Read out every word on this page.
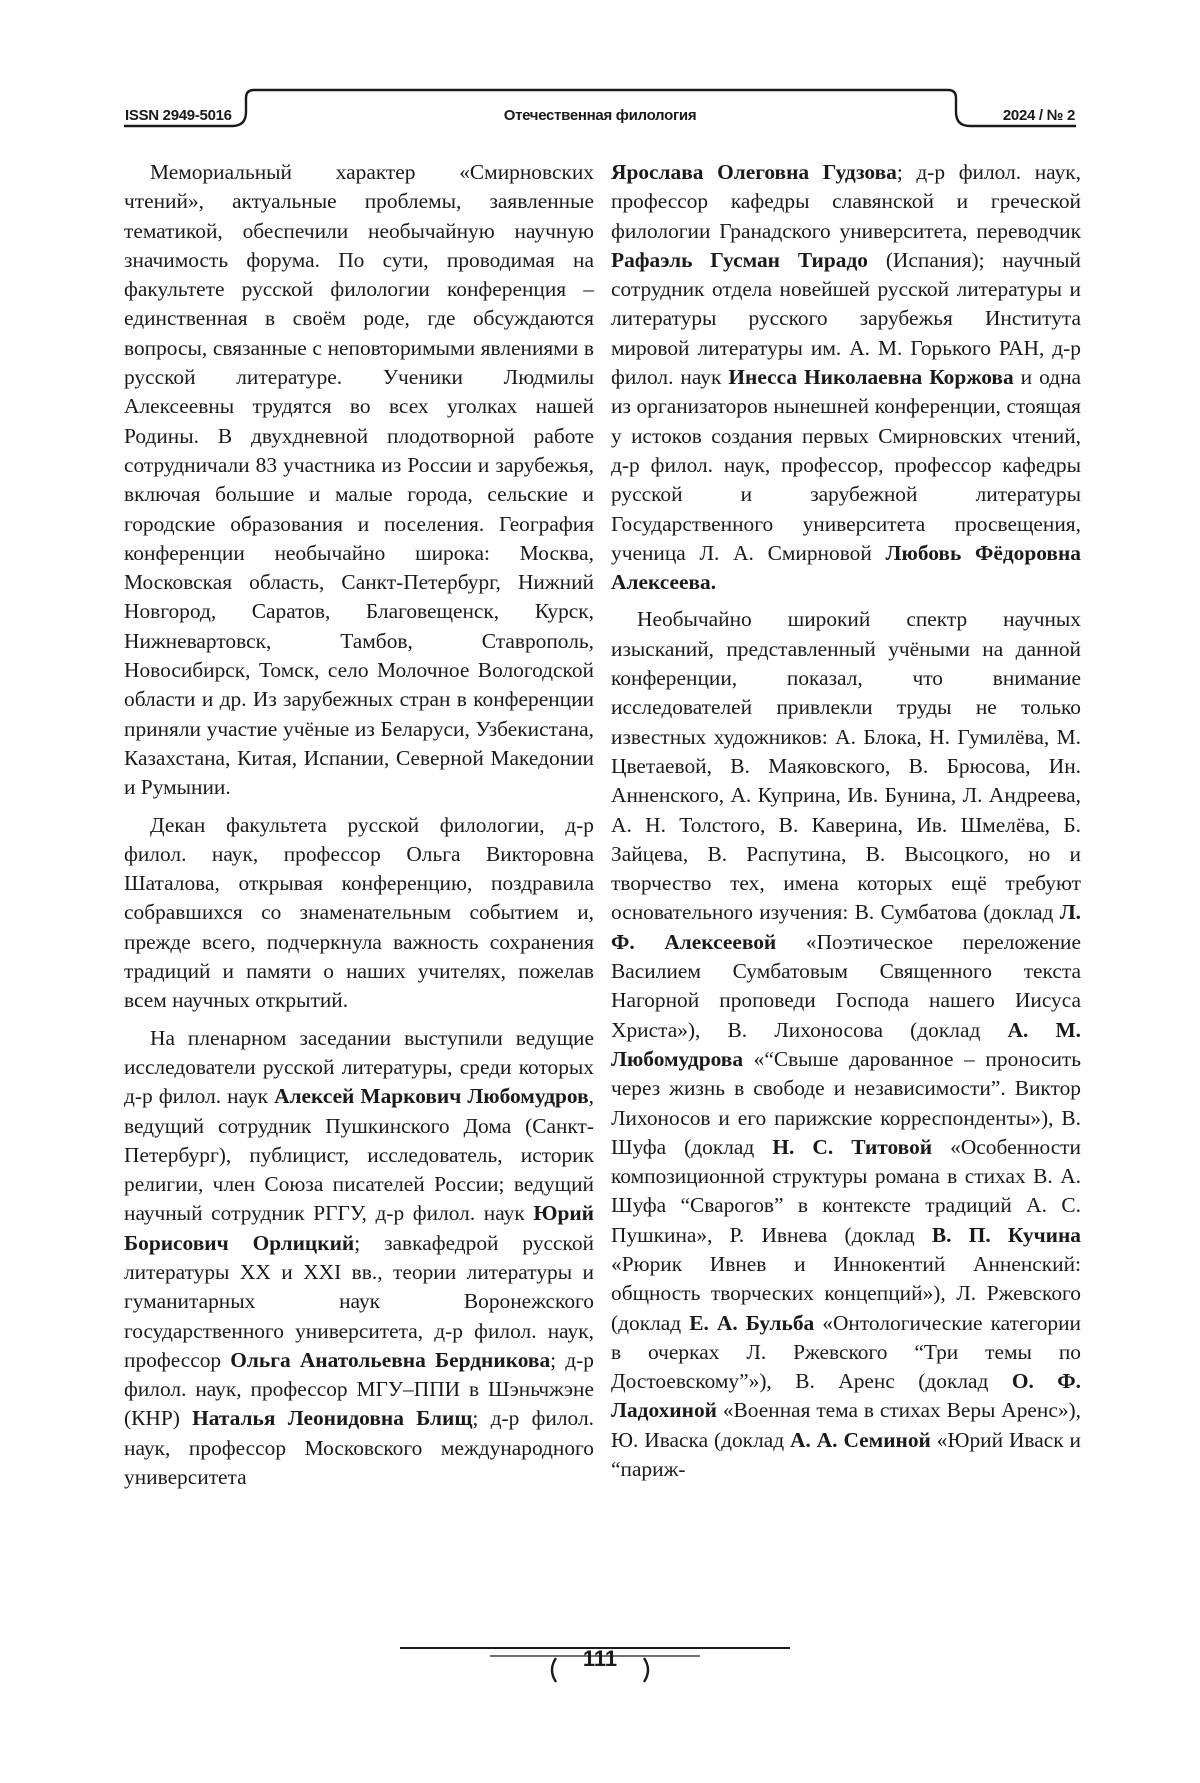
ISSN 2949-5016	Отечественная филология	2024 / № 2

Мемориальный характер «Смирновских чтений», актуальные проблемы, заявленные тематикой, обеспечили необычайную научную значимость форума. По сути, проводимая на факультете русской филологии конференция – единственная в своём роде, где обсуждаются вопросы, связанные с неповторимыми явлениями в русской литературе. Ученики Людмилы Алексеевны трудятся во всех уголках нашей Родины. В двухдневной плодотворной работе сотрудничали 83 участника из России и зарубежья, включая большие и малые города, сельские и городские образования и поселения. География конференции необычайно широка: Москва, Московская область, Санкт-Петербург, Нижний Новгород, Саратов, Благовещенск, Курск, Нижневартовск, Тамбов, Ставрополь, Новосибирск, Томск, село Молочное Вологодской области и др. Из зарубежных стран в конференции приняли участие учёные из Беларуси, Узбекистана, Казахстана, Китая, Испании, Северной Македонии и Румынии.

Декан факультета русской филологии, д-р филол. наук, профессор Ольга Викторовна Шаталова, открывая конференцию, поздравила собравшихся со знаменательным событием и, прежде всего, подчеркнула важность сохранения традиций и памяти о наших учителях, пожелав всем научных открытий.

На пленарном заседании выступили ведущие исследователи русской литературы, среди которых д-р филол. наук Алексей Маркович Любомудров, ведущий сотрудник Пушкинского Дома (Санкт-Петербург), публицист, исследователь, историк религии, член Союза писателей России; ведущий научный сотрудник РГГУ, д-р филол. наук Юрий Борисович Орлицкий; завкафедрой русской литературы XX и XXI вв., теории литературы и гуманитарных наук Воронежского государственного университета, д-р филол. наук, профессор Ольга Анатольевна Бердникова; д-р филол. наук, профессор МГУ–ППИ в Шэньчжэне (КНР) Наталья Леонидовна Блищ; д-р филол. наук, профессор Московского международного университета

Ярослава Олеговна Гудзова; д-р филол. наук, профессор кафедры славянской и греческой филологии Гранадского университета, переводчик Рафаэль Гусман Тирадо (Испания); научный сотрудник отдела новейшей русской литературы и литературы русского зарубежья Института мировой литературы им. А. М. Горького РАН, д-р филол. наук Инесса Николаевна Коржова и одна из организаторов нынешней конференции, стоящая у истоков создания первых Смирновских чтений, д-р филол. наук, профессор, профессор кафедры русской и зарубежной литературы Государственного университета просвещения, ученица Л. А. Смирновой Любовь Фёдоровна Алексеева.

Необычайно широкий спектр научных изысканий, представленный учёными на данной конференции, показал, что внимание исследователей привлекли труды не только известных художников: А. Блока, Н. Гумилёва, М. Цветаевой, В. Маяковского, В. Брюсова, Ин. Анненского, А. Куприна, Ив. Бунина, Л. Андреева, А. Н. Толстого, В. Каверина, Ив. Шмелёва, Б. Зайцева, В. Распутина, В. Высоцкого, но и творчество тех, имена которых ещё требуют основательного изучения: В. Сумбатова (доклад Л. Ф. Алексеевой «Поэтическое переложение Василием Сумбатовым Священного текста Нагорной проповеди Господа нашего Иисуса Христа»), В. Лихоносова (доклад А. М. Любомудрова «“Свыше дарованное – проносить через жизнь в свободе и независимости”. Виктор Лихоносов и его парижские корреспонденты»), В. Шуфа (доклад Н. С. Титовой «Особенности композиционной структуры романа в стихах В. А. Шуфа “Сварогов” в контексте традиций А. С. Пушкина», Р. Ивнева (доклад В. П. Кучина «Рюрик Ивнев и Иннокентий Анненский: общность творческих концепций»), Л. Ржевского (доклад Е. А. Бульба «Онтологические категории в очерках Л. Ржевского “Три темы по Достоевскому”»), В. Аренс (доклад О. Ф. Ладохиной «Военная тема в стихах Веры Аренс»), Ю. Иваска (доклад А. А. Семиной «Юрий Иваск и “париж-

111
